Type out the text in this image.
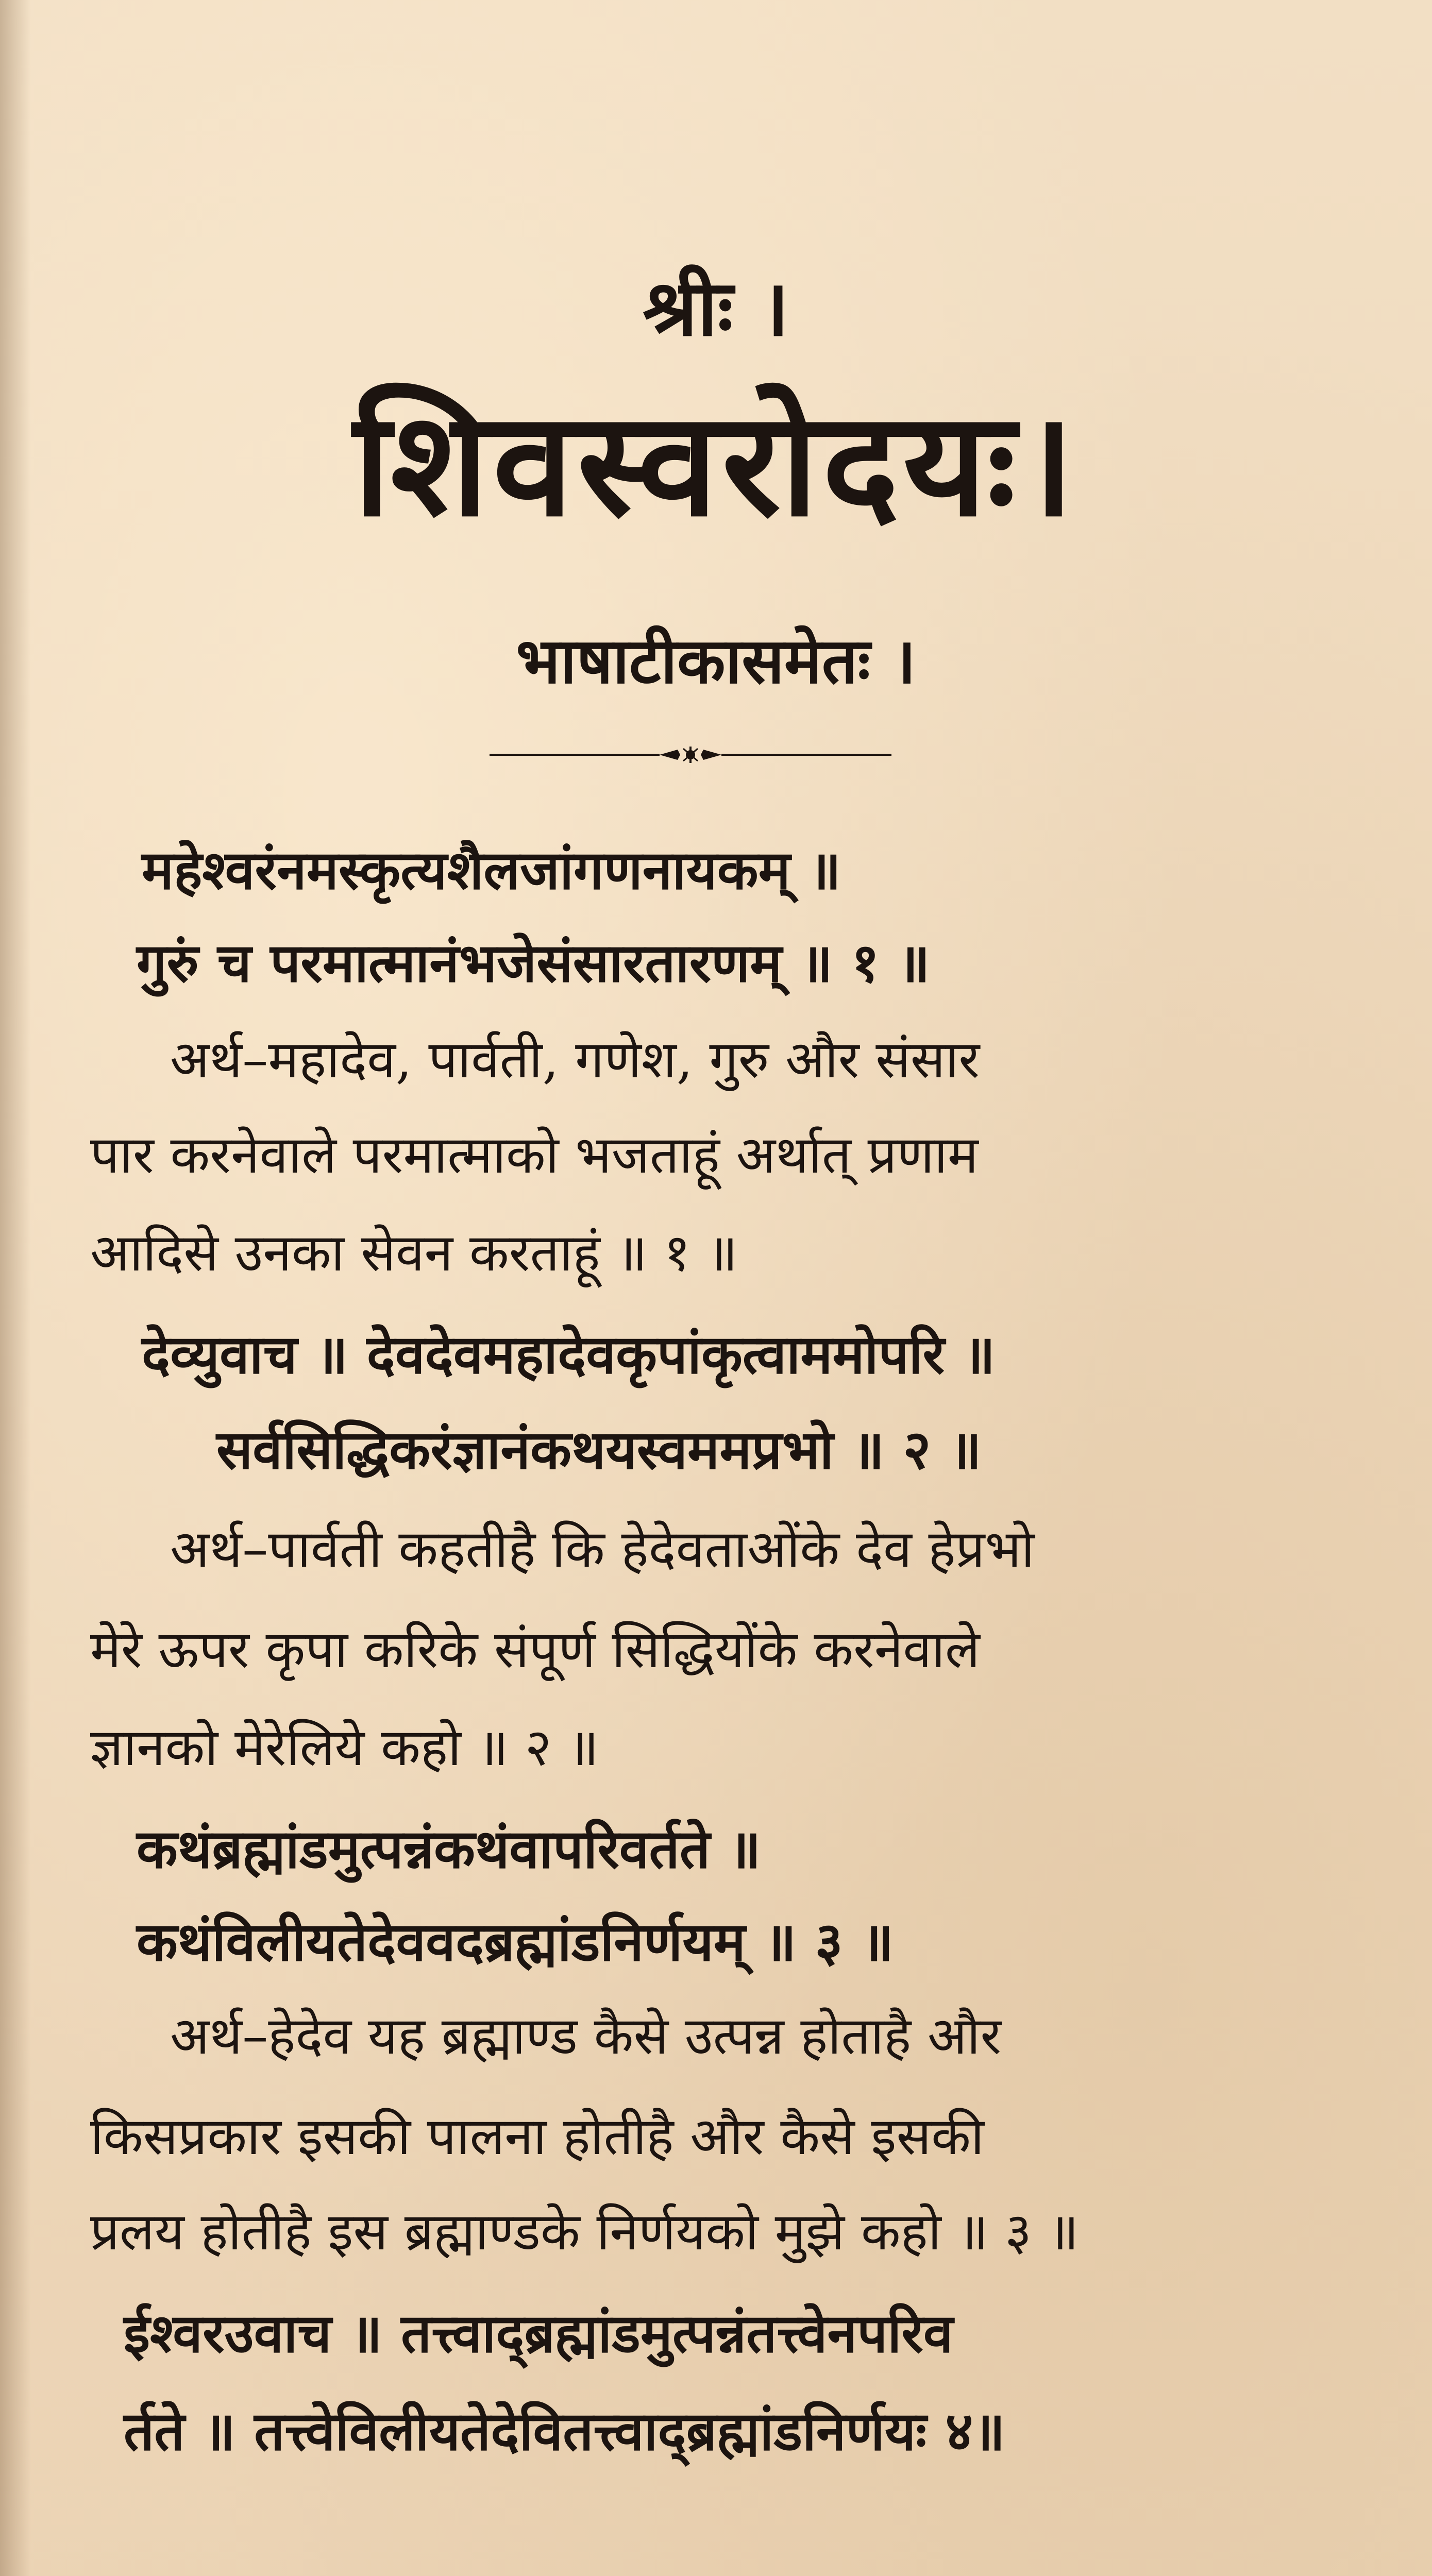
श्रीः ।
शिवस्वरोदयः।
भाषाटीकासमेतः ।
महेश्वरंनमस्कृत्यशैलजांगणनायकम् ॥
गुरुं च परमात्मानंभजेसंसारतारणम् ॥ १ ॥
अर्थ–महादेव, पार्वती, गणेश, गुरु और संसार
पार करनेवाले परमात्माको भजताहूं अर्थात् प्रणाम
आदिसे उनका सेवन करताहूं ॥ १ ॥
देव्युवाच ॥ देवदेवमहादेवकृपांकृत्वाममोपरि ॥
सर्वसिद्धिकरंज्ञानंकथयस्वममप्रभो ॥ २ ॥
अर्थ–पार्वती कहतीहै कि हेदेवताओंके देव हेप्रभो
मेरे ऊपर कृपा करिके संपूर्ण सिद्धियोंके करनेवाले
ज्ञानको मेरेलिये कहो ॥ २ ॥
कथंब्रह्मांडमुत्पन्नंकथंवापरिवर्तते ॥
कथंविलीयतेदेववदब्रह्मांडनिर्णयम् ॥ ३ ॥
अर्थ–हेदेव यह ब्रह्माण्ड कैसे उत्पन्न होताहै और
किसप्रकार इसकी पालना होतीहै और कैसे इसकी
प्रलय होतीहै इस ब्रह्माण्डके निर्णयको मुझे कहो ॥ ३ ॥
ईश्वरउवाच ॥ तत्त्वाद्ब्रह्मांडमुत्पन्नंतत्त्वेनपरिव
र्तते ॥ तत्त्वेविलीयतेदेवितत्त्वाद्ब्रह्मांडनिर्णयः ४॥
